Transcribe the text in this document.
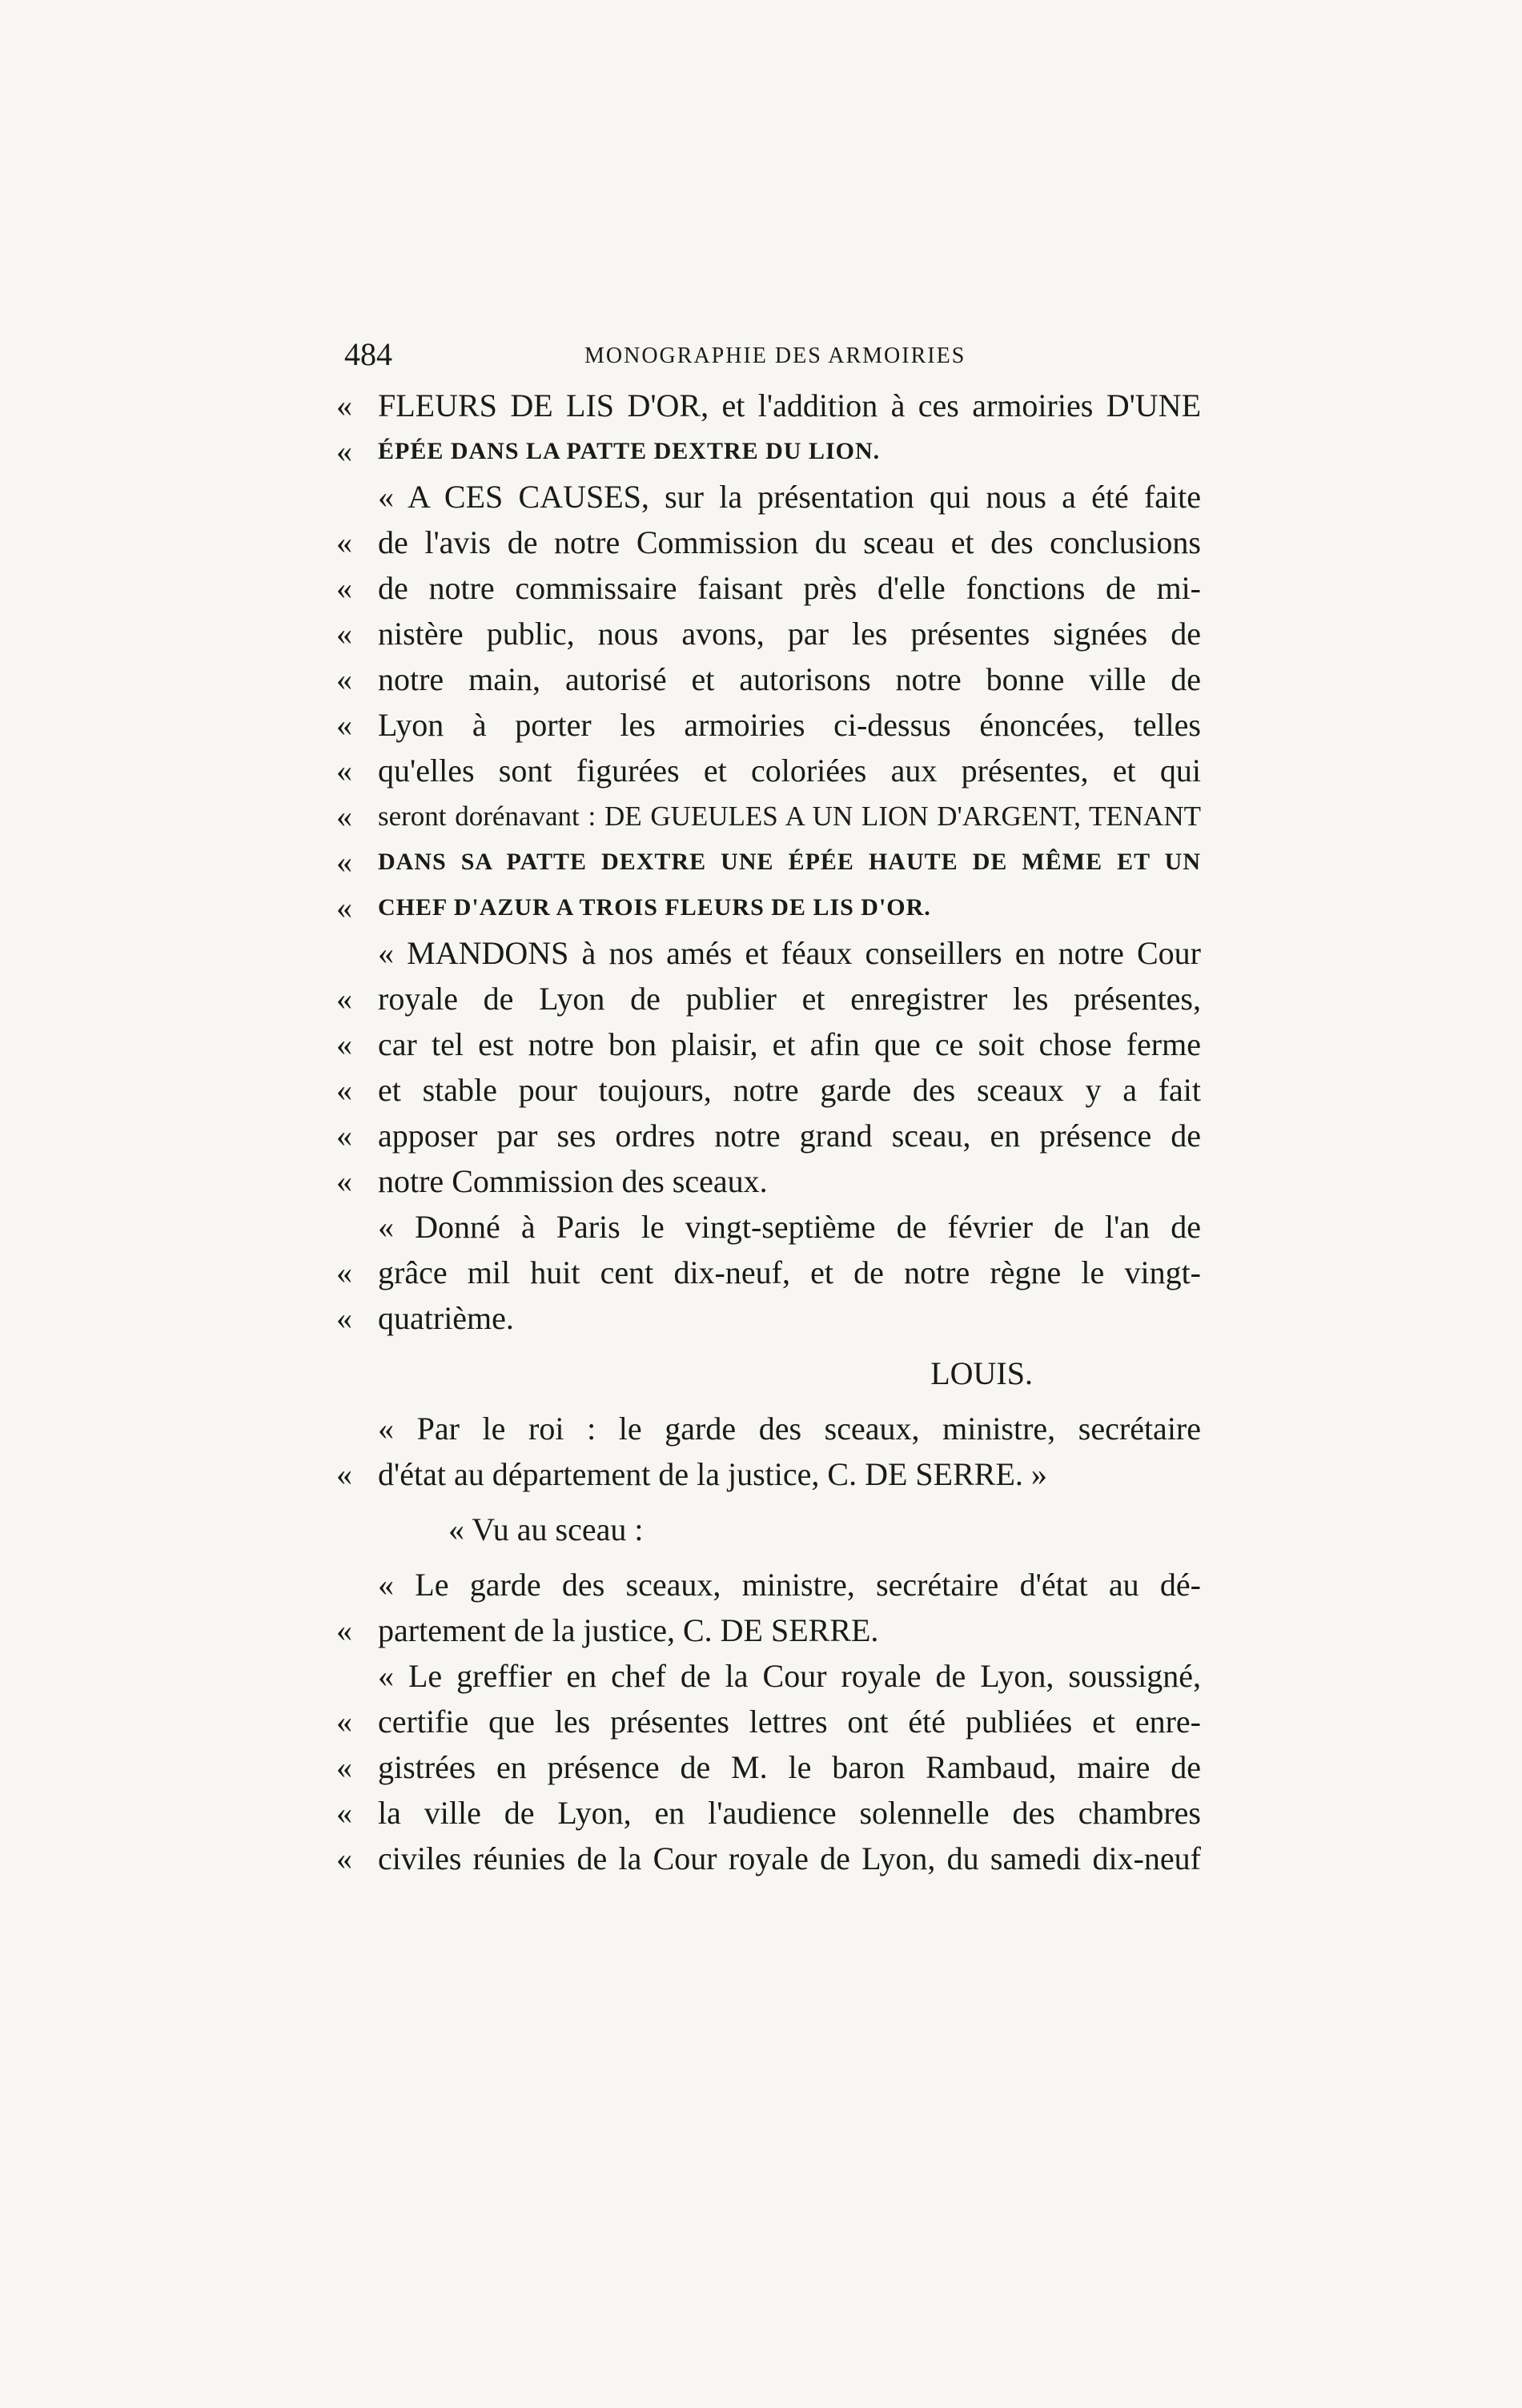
484	MONOGRAPHIE DES ARMOIRIES
« FLEURS DE LIS D'OR, et l'addition à ces armoiries D'UNE
«	ÉPÉE DANS LA PATTE DEXTRE DU LION.
« A CES CAUSES, sur la présentation qui nous a été faite
« de l'avis de notre Commission du sceau et des conclusions
« de notre commissaire faisant près d'elle fonctions de mi-
« nistère public, nous avons, par les présentes signées de
« notre main, autorisé et autorisons notre bonne ville de
« Lyon à porter les armoiries ci-dessus énoncées, telles
« qu'elles sont figurées et coloriées aux présentes, et qui
« seront dorénavant : DE GUEULES A UN LION D'ARGENT, TENANT
«	DANS SA PATTE DEXTRE UNE ÉPÉE HAUTE DE MÊME ET UN
«	CHEF D'AZUR A TROIS FLEURS DE LIS D'OR.
« MANDONS à nos amés et féaux conseillers en notre Cour
« royale de Lyon de publier et enregistrer les présentes,
« car tel est notre bon plaisir, et afin que ce soit chose ferme
« et stable pour toujours, notre garde des sceaux y a fait
« apposer par ses ordres notre grand sceau, en présence de
« notre Commission des sceaux.
« Donné à Paris le vingt-septième de février de l'an de
« grâce mil huit cent dix-neuf, et de notre règne le vingt-
« quatrième.
LOUIS.
« Par le roi : le garde des sceaux, ministre, secrétaire
« d'état au département de la justice, C. DE SERRE. »
« Vu au sceau :
« Le garde des sceaux, ministre, secrétaire d'état au dé-
« partement de la justice, C. DE SERRE.
« Le greffier en chef de la Cour royale de Lyon, soussigné,
« certifie que les présentes lettres ont été publiées et enre-
« gistrées en présence de M. le baron Rambaud, maire de
« la ville de Lyon, en l'audience solennelle des chambres
« civiles réunies de la Cour royale de Lyon, du samedi dix-neuf
